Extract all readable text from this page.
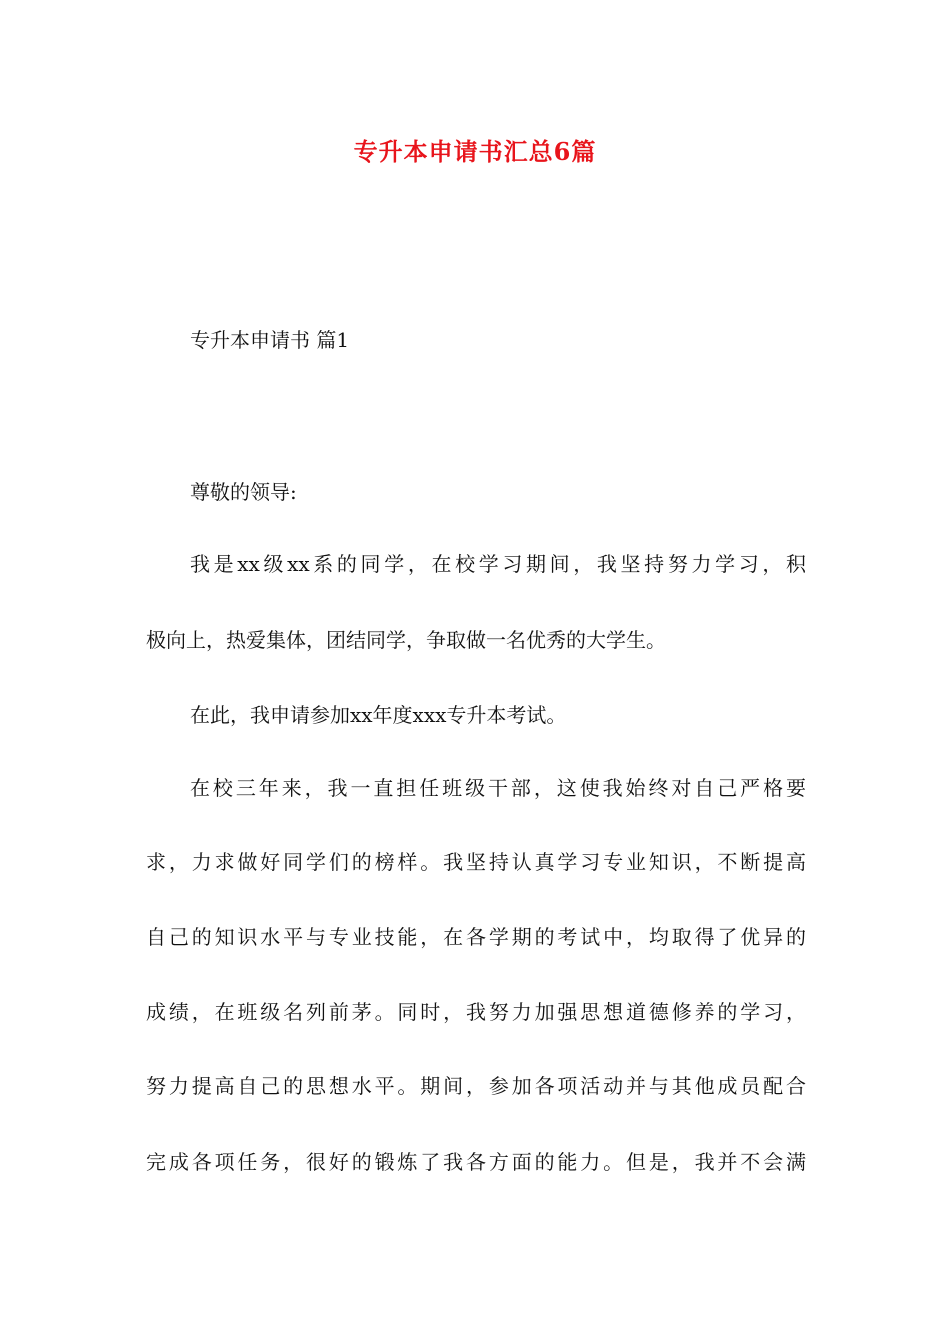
专升本申请书汇总6篇
专升本申请书 篇1
尊敬的领导:
我是xx级xx系的同学，在校学习期间，我坚持努力学习，积
极向上，热爱集体，团结同学，争取做一名优秀的大学生。
在此，我申请参加xx年度xxx专升本考试。
在校三年来，我一直担任班级干部，这使我始终对自己严格要
求，力求做好同学们的榜样。我坚持认真学习专业知识，不断提高
自己的知识水平与专业技能，在各学期的考试中，均取得了优异的
成绩，在班级名列前茅。同时，我努力加强思想道德修养的学习，
努力提高自己的思想水平。期间，参加各项活动并与其他成员配合
完成各项任务，很好的锻炼了我各方面的能力。但是，我并不会满
